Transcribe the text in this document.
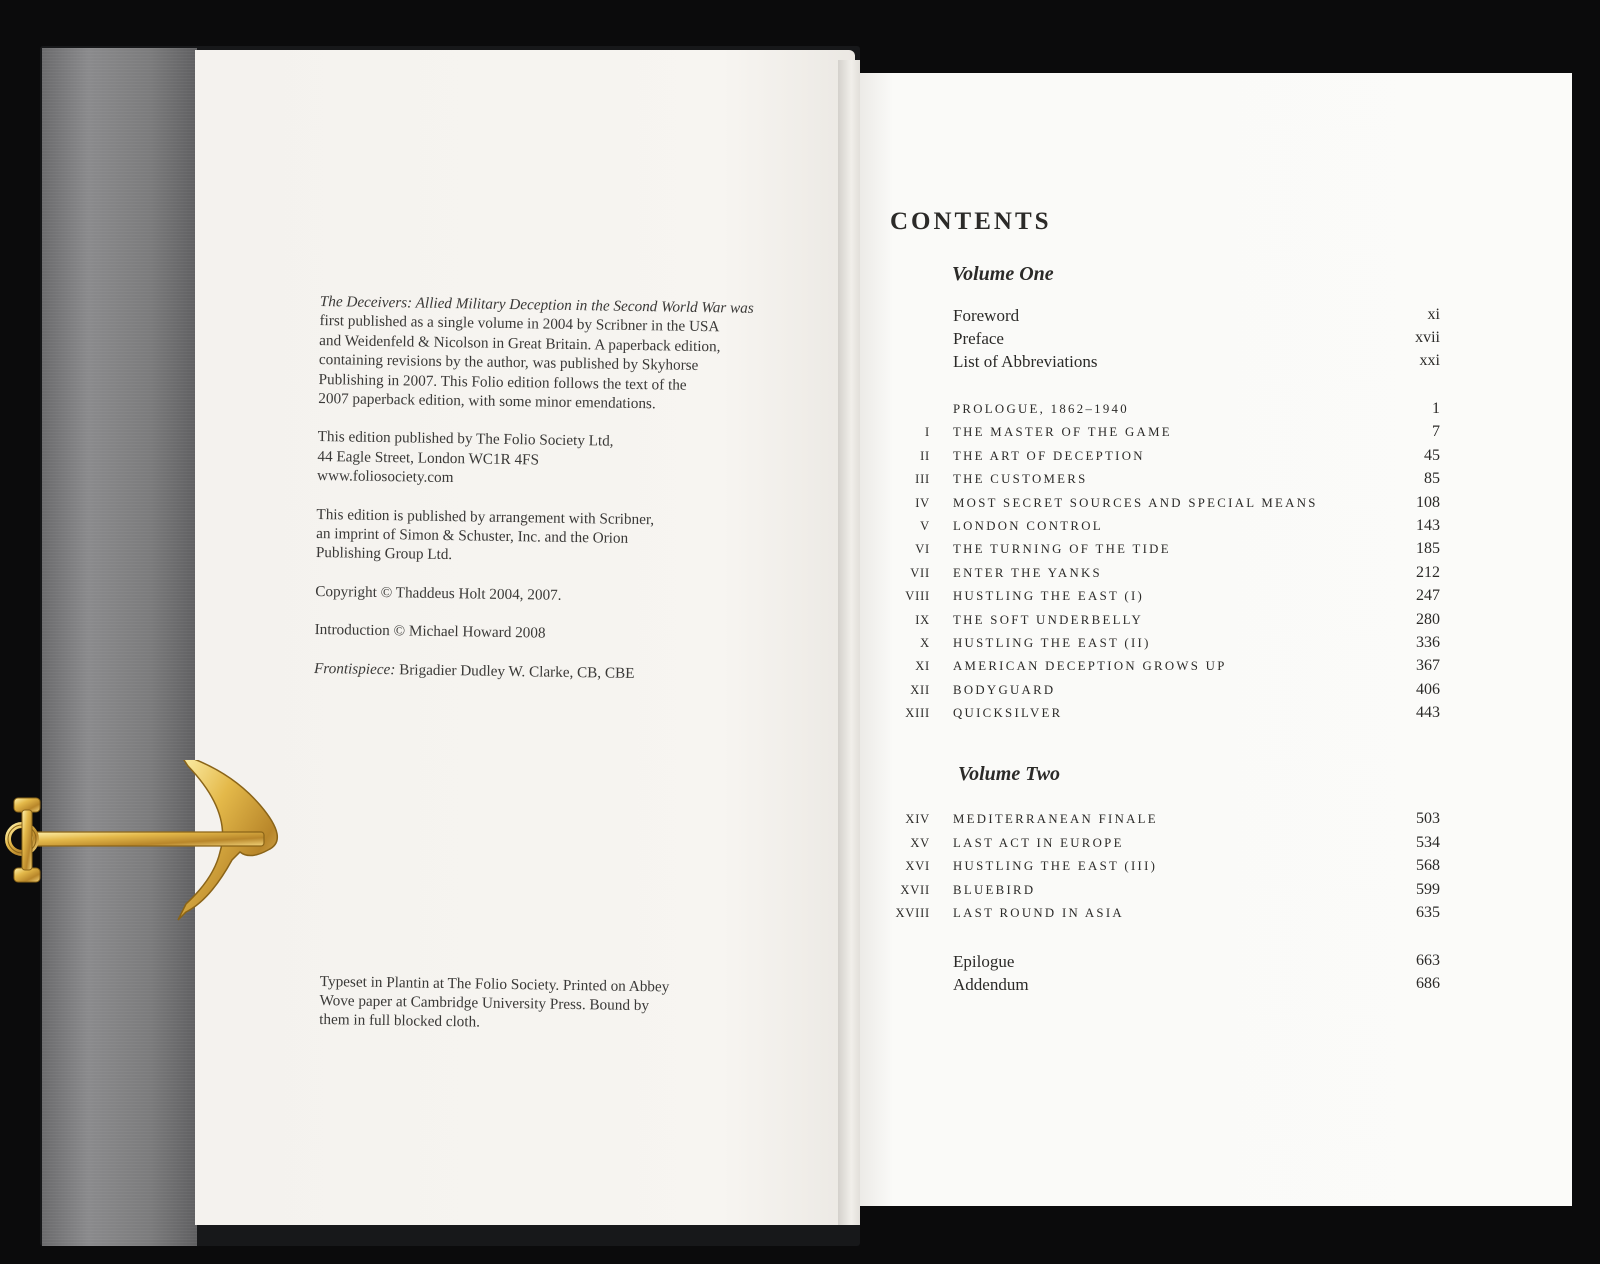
The Deceivers: Allied Military Deception in the Second World War was
first published as a single volume in 2004 by Scribner in the USA
and Weidenfeld & Nicolson in Great Britain. A paperback edition,
containing revisions by the author, was published by Skyhorse
Publishing in 2007. This Folio edition follows the text of the
2007 paperback edition, with some minor emendations.

This edition published by The Folio Society Ltd,
44 Eagle Street, London WC1R 4FS
www.foliosociety.com

This edition is published by arrangement with Scribner,
an imprint of Simon & Schuster, Inc. and the Orion
Publishing Group Ltd.

Copyright © Thaddeus Holt 2004, 2007.

Introduction © Michael Howard 2008

Frontispiece: Brigadier Dudley W. Clarke, CB, CBE

Typeset in Plantin at The Folio Society. Printed on Abbey
Wove paper at Cambridge University Press. Bound by
them in full blocked cloth.
CONTENTS
Volume One
Volume Two
Foreword	xi
Preface	xvii
List of Abbreviations	xxi
PROLOGUE, 1862–1940	1
I THE MASTER OF THE GAME	7
II THE ART OF DECEPTION	45
III THE CUSTOMERS	85
IV MOST SECRET SOURCES AND SPECIAL MEANS	108
V LONDON CONTROL	143
VI THE TURNING OF THE TIDE	185
VII ENTER THE YANKS	212
VIII HUSTLING THE EAST (I)	247
IX THE SOFT UNDERBELLY	280
X HUSTLING THE EAST (II)	336
XI AMERICAN DECEPTION GROWS UP	367
XII BODYGUARD	406
XIII QUICKSILVER	443
XIV MEDITERRANEAN FINALE	503
XV LAST ACT IN EUROPE	534
XVI HUSTLING THE EAST (III)	568
XVII BLUEBIRD	599
XVIII LAST ROUND IN ASIA	635
Epilogue	663
Addendum	686
